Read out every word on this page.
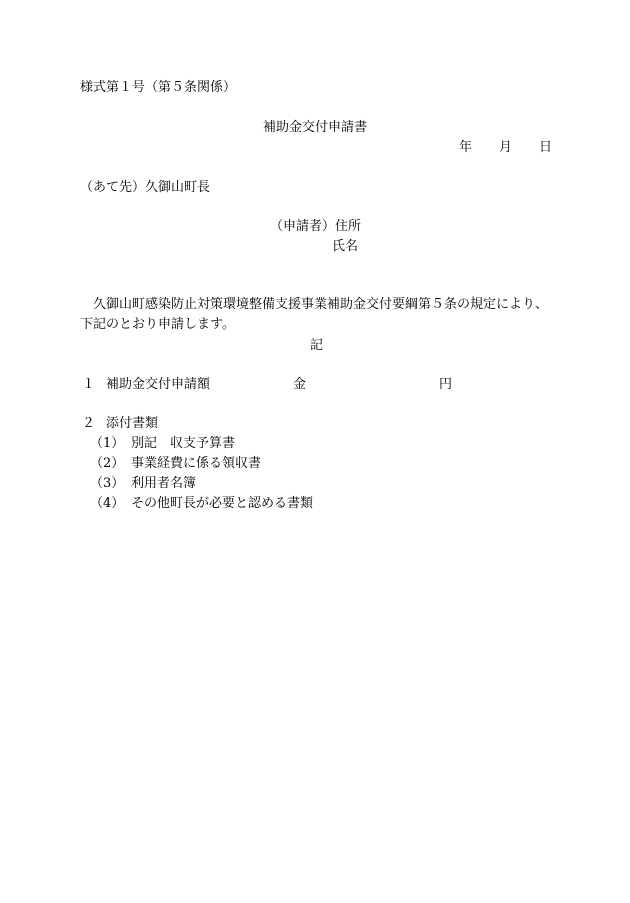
様式第１号（第５条関係）
補助金交付申請書
年 月 日
（あて先）久御山町長
（申請者）住所
氏名
久御山町感染防止対策環境整備支援事業補助金交付要綱第５条の規定により、
下記のとおり申請します。
記
１ 補助金交付申請額	金	円
２ 添付書類
（1） 別記　収支予算書
（2） 事業経費に係る領収書
（3） 利用者名簿
（4） その他町長が必要と認める書類
